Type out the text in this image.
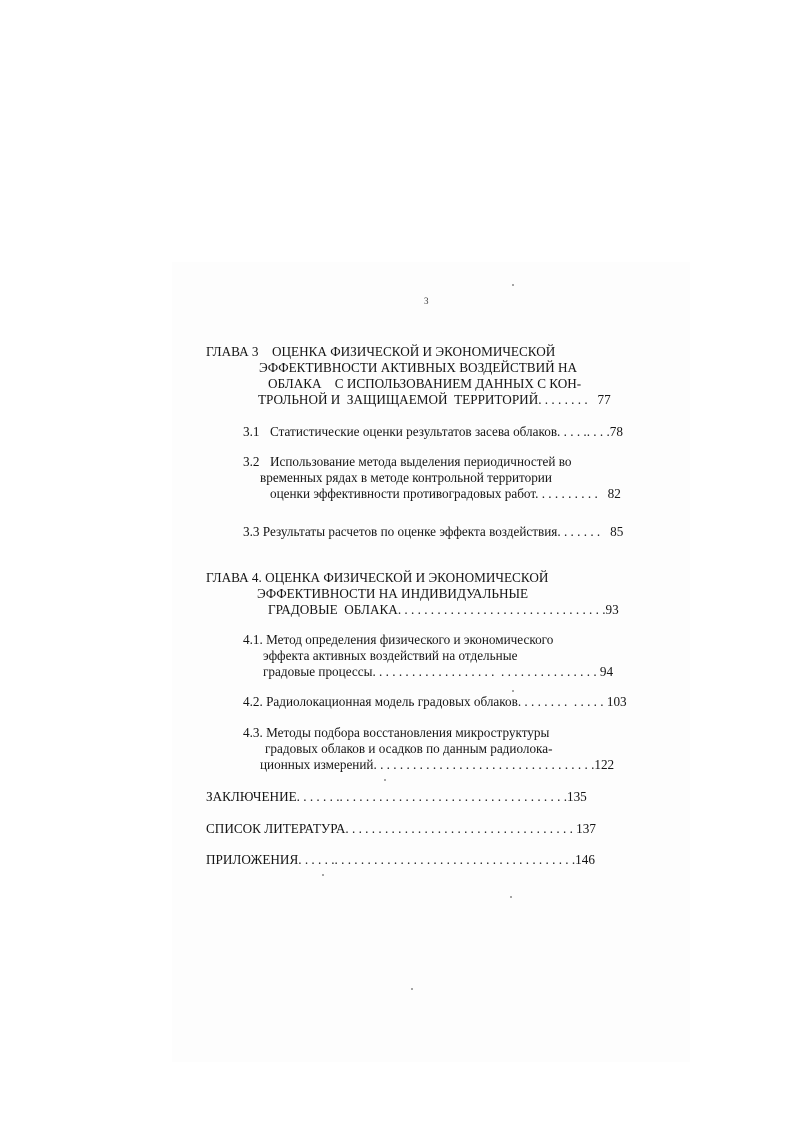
3
ГЛАВА 3 ОЦЕНКА ФИЗИЧЕСКОЙ И ЭКОНОМИЧЕСКОЙ
ЭФФЕКТИВНОСТИ АКТИВНЫХ ВОЗДЕЙСТВИЙ НА
ОБЛАКА    С ИСПОЛЬЗОВАНИЕМ ДАННЫХ С КОН-
ТРОЛЬНОЙ И  ЗАЩИЩАЕМОЙ  ТЕРРИТОРИЙ. . . . . . . .   77
3.1 Статистические оценки результатов засева облаков. . . . .. . . .78
3.2 Использование метода выделения периодичностей во
временных рядах в методе контрольной территории
оценки эффективности противоградовых работ. . . . . . . . . .   82
3.3 Результаты расчетов по оценке эффекта воздействия. . . . . . .   85
ГЛАВА 4. ОЦЕНКА ФИЗИЧЕСКОЙ И ЭКОНОМИЧЕСКОЙ
ЭФФЕКТИВНОСТИ НА ИНДИВИДУАЛЬНЫЕ
ГРАДОВЫЕ  ОБЛАКА. . . . . . . . . . . . . . . . . . . . . . . . . . . . . . . .93
4.1. Метод определения физического и экономического
эффекта активных воздействий на отдельные
градовые процессы. . . . . . . . . . . . . . . . . . .  . . . . . . . . . . . . . . . 94
4.2. Радиолокационная модель градовых облаков. . . . . . . .  . . . . . 103
4.3. Методы подбора восстановления микроструктуры
градовых облаков и осадков по данным радиолока-
ционных измерений. . . . . . . . . . . . . . . . . . . . . . . . . . . . . . . . . .122
ЗАКЛЮЧЕНИЕ. . . . . . .. . . . . . . . . . . . . . . . . . . . . . . . . . . . . . . . . . .135
СПИСОК ЛИТЕРАТУРА. . . . . . . . . . . . . . . . . . . . . . . . . . . . . . . . . . . 137
ПРИЛОЖЕНИЯ. . . . . .. . . . . . . . . . . . . . . . . . . . . . . . . . . . . . . . . . . . .146
